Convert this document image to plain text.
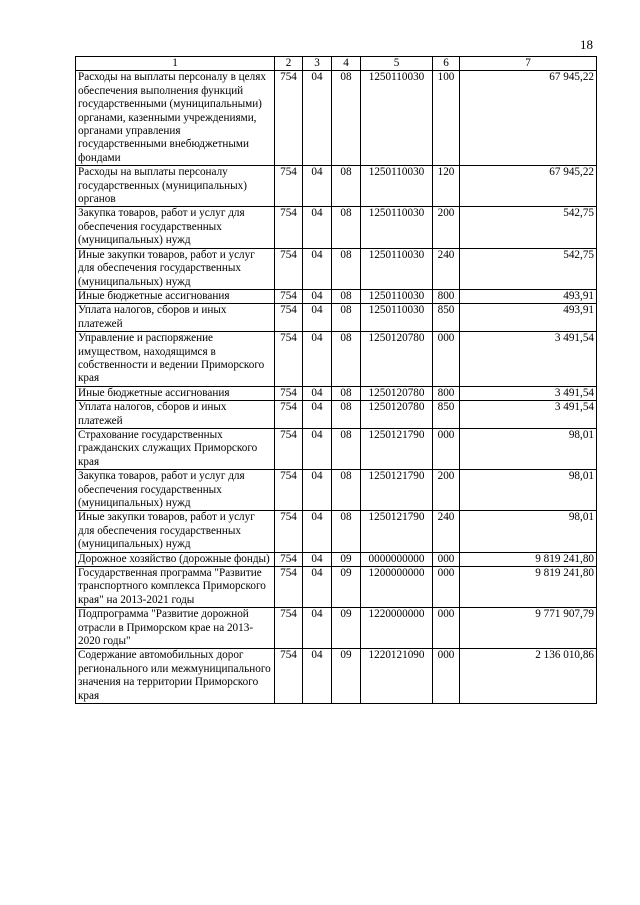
18
1	2	3	4	5	6	7
Расходы на выплаты персоналу в целях обеспечения выполнения функций государственными (муниципальными) органами, казенными учреждениями, органами управления государственными внебюджетными фондами	754	04	08	1250110030	100	67 945,22
Расходы на выплаты персоналу государственных (муниципальных) органов	754	04	08	1250110030	120	67 945,22
Закупка товаров, работ и услуг для обеспечения государственных (муниципальных) нужд	754	04	08	1250110030	200	542,75
Иные закупки товаров, работ и услуг для обеспечения государственных (муниципальных) нужд	754	04	08	1250110030	240	542,75
Иные бюджетные ассигнования	754	04	08	1250110030	800	493,91
Уплата налогов, сборов и иных платежей	754	04	08	1250110030	850	493,91
Управление и распоряжение имуществом, находящимся в собственности и ведении Приморского края	754	04	08	1250120780	000	3 491,54
Иные бюджетные ассигнования	754	04	08	1250120780	800	3 491,54
Уплата налогов, сборов и иных платежей	754	04	08	1250120780	850	3 491,54
Страхование государственных гражданских служащих Приморского края	754	04	08	1250121790	000	98,01
Закупка товаров, работ и услуг для обеспечения государственных (муниципальных) нужд	754	04	08	1250121790	200	98,01
Иные закупки товаров, работ и услуг для обеспечения государственных (муниципальных) нужд	754	04	08	1250121790	240	98,01
Дорожное хозяйство (дорожные фонды)	754	04	09	0000000000	000	9 819 241,80
Государственная программа "Развитие транспортного комплекса Приморского края" на 2013-2021 годы	754	04	09	1200000000	000	9 819 241,80
Подпрограмма "Развитие дорожной отрасли в Приморском крае на 2013-2020 годы"	754	04	09	1220000000	000	9 771 907,79
Содержание автомобильных дорог регионального или межмуниципального значения на территории Приморского края	754	04	09	1220121090	000	2 136 010,86
